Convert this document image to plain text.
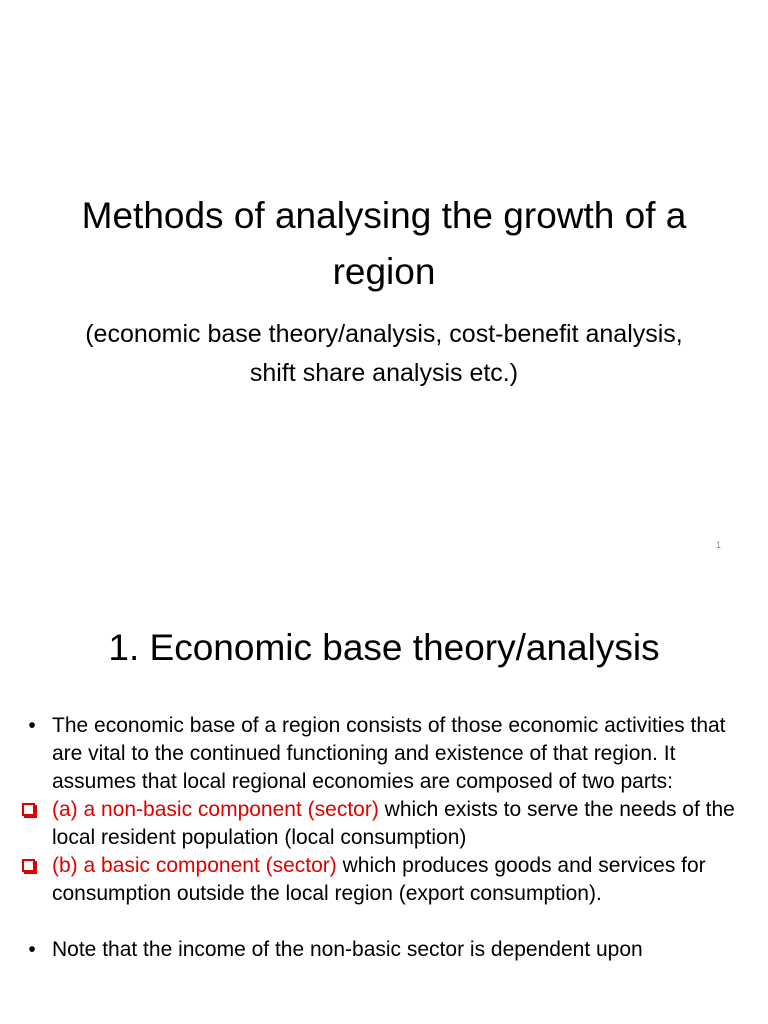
Methods of analysing the growth of a region

(economic base theory/analysis, cost-benefit analysis, shift share analysis etc.)

1
1. Economic base theory/analysis
• The economic base of a region consists of those economic activities that are vital to the continued functioning and existence of that region. It assumes that local regional economies are composed of two parts:
(a) a non-basic component (sector) which exists to serve the needs of the local resident population (local consumption)
(b) a basic component (sector) which produces goods and services for consumption outside the local region (export consumption).
• Note that the income of the non-basic sector is dependent upon
